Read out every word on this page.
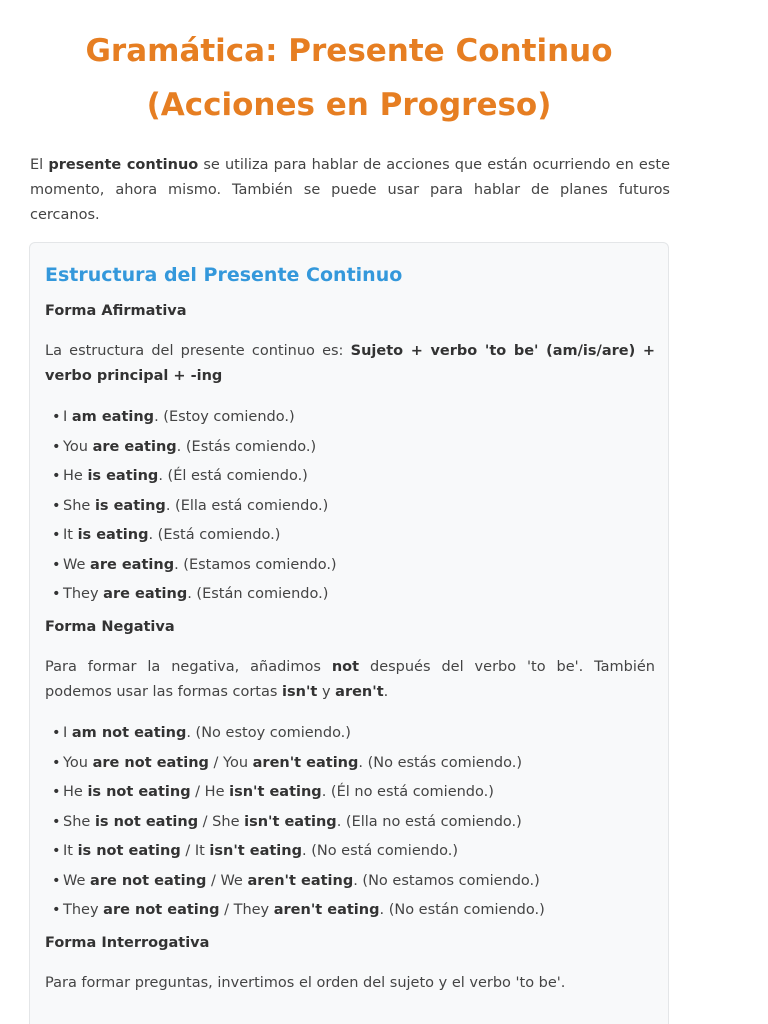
Gramática: Presente Continuo
(Acciones en Progreso)

El presente continuo se utiliza para hablar de acciones que están ocurriendo en este momento, ahora mismo. También se puede usar para hablar de planes futuros cercanos.

Estructura del Presente Continuo
Forma Afirmativa

La estructura del presente continuo es: Sujeto + verbo 'to be' (am/is/are) + verbo principal + -ing

• I am eating. (Estoy comiendo.)
• You are eating. (Estás comiendo.)
• He is eating. (Él está comiendo.)
• She is eating. (Ella está comiendo.)
• It is eating. (Está comiendo.)
• We are eating. (Estamos comiendo.)
• They are eating. (Están comiendo.)
Forma Negativa

Para formar la negativa, añadimos not después del verbo 'to be'. También podemos usar las formas cortas isn't y aren't.

• I am not eating. (No estoy comiendo.)
• You are not eating / You aren't eating. (No estás comiendo.)
• He is not eating / He isn't eating. (Él no está comiendo.)
• She is not eating / She isn't eating. (Ella no está comiendo.)
• It is not eating / It isn't eating. (No está comiendo.)
• We are not eating / We aren't eating. (No estamos comiendo.)
• They are not eating / They aren't eating. (No están comiendo.)
Forma Interrogativa

Para formar preguntas, invertimos el orden del sujeto y el verbo 'to be'.
